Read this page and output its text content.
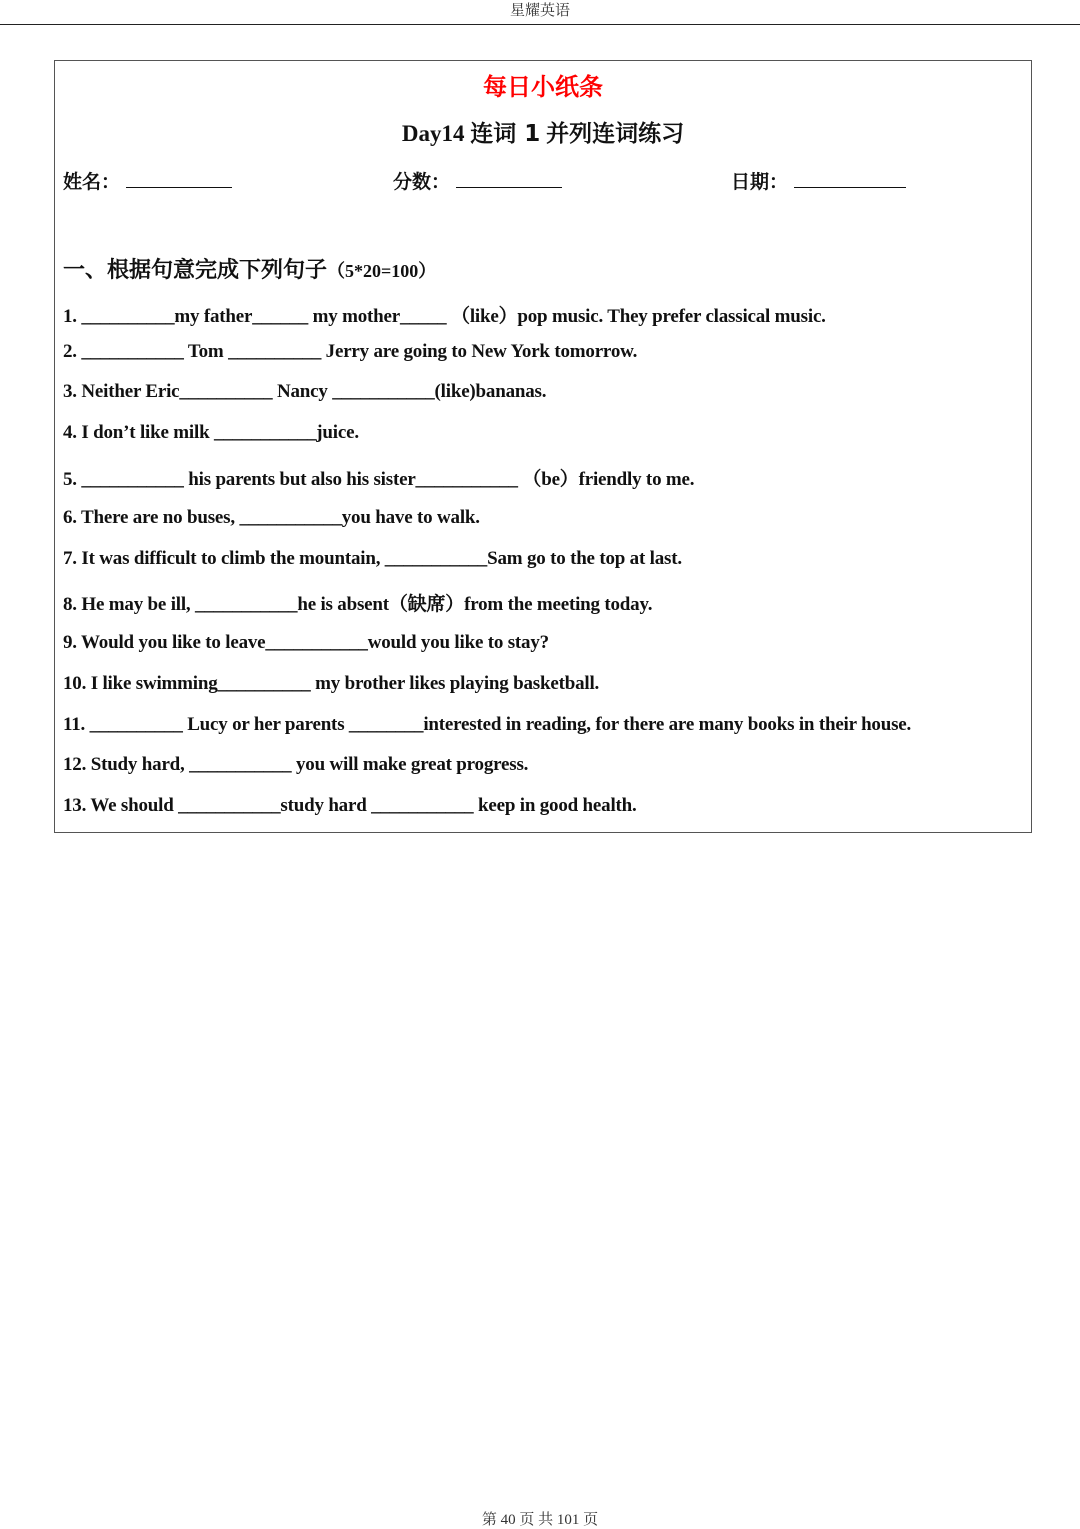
星耀英语
每日小纸条
Day14 连词 1 并列连词练习
姓名：	分数：	日期：
一、根据句意完成下列句子（5*20=100）
1. __________my father______ my mother_____ （like）pop music. They prefer classical music.
2. ___________ Tom __________ Jerry are going to New York tomorrow.
3. Neither Eric__________ Nancy ___________(like)bananas.
4. I don’t like milk ___________juice.
5. ___________ his parents but also his sister___________ （be）friendly to me.
6. There are no buses, ___________you have to walk.
7. It was difficult to climb the mountain, ___________Sam go to the top at last.
8. He may be ill, ___________he is absent（缺席）from the meeting today.
9. Would you like to leave___________would you like to stay?
10. I like swimming__________ my brother likes playing basketball.
11. __________ Lucy or her parents ________interested in reading, for there are many books in their house.
12. Study hard, ___________ you will make great progress.
13. We should ___________study hard ___________ keep in good health.
第 40 页 共 101 页
